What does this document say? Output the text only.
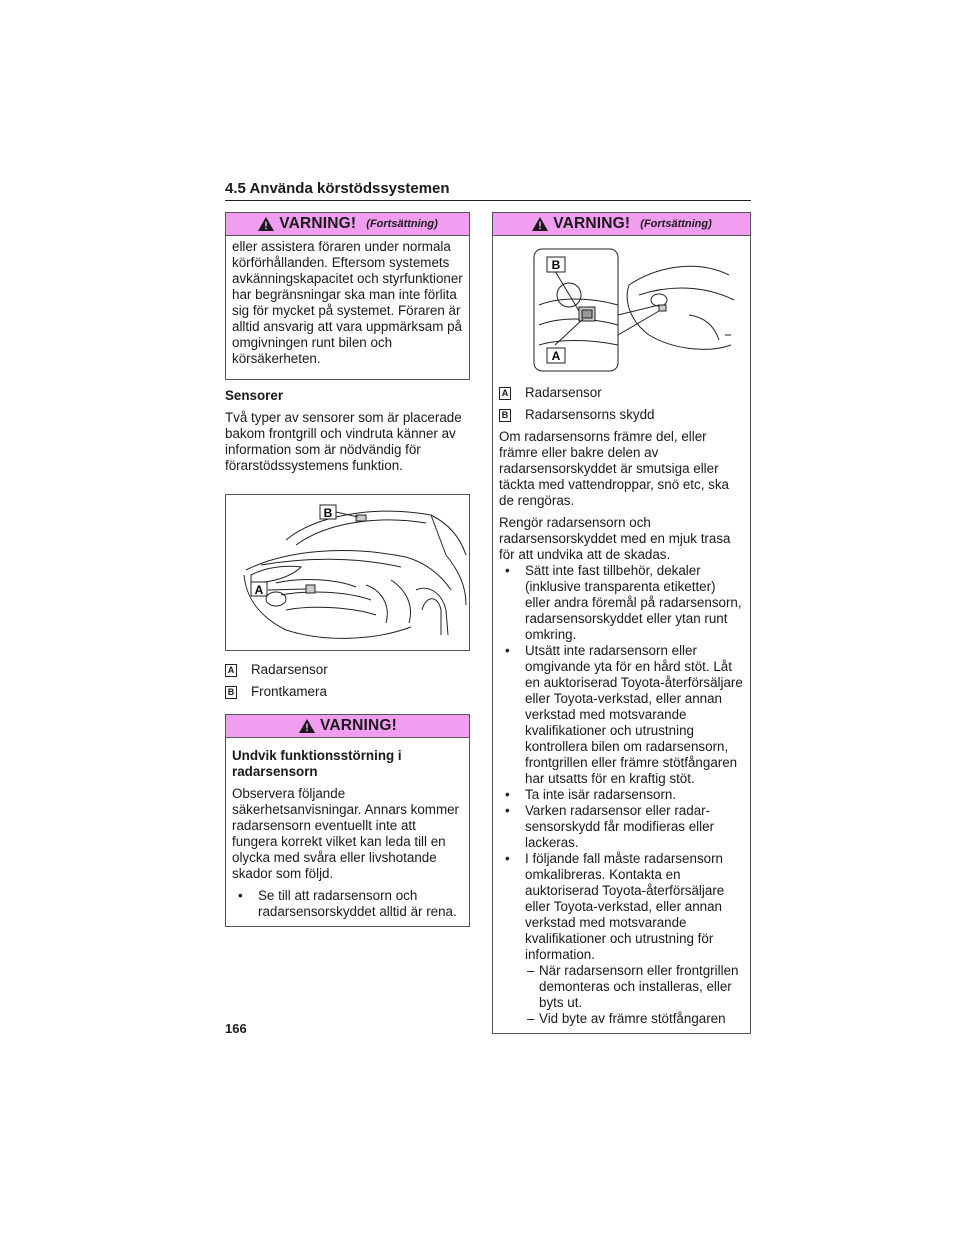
4.5 Använda körstödssystemen
VARNING! (Fortsättning)

eller assistera föraren under normala körförhållanden. Eftersom systemets avkänningskapacitet och styrfunktioner har begränsningar ska man inte förlita sig för mycket på systemet. Föraren är alltid ansvarig att vara uppmärksam på omgivningen runt bilen och körsäkerheten.

Sensorer

Två typer av sensorer som är placerade bakom frontgrill och vindruta känner av information som är nödvändig för förarstödssystemens funktion.

B
A
A Radarsensor
B Frontkamera
VARNING!

Undvik funktionsstörning i radarsensorn

Observera följande säkerhetsanvisningar. Annars kommer radarsensorn eventuellt inte att fungera korrekt vilket kan leda till en olycka med svåra eller livshotande skador som följd.

• Se till att radarsensorn och radarsensorskyddet alltid är rena.
VARNING! (Fortsättning)
B
A
A Radarsensor
B Radarsensorns skydd

Om radarsensorns främre del, eller främre eller bakre delen av radarsensorskyddet är smutsiga eller täckta med vattendroppar, snö etc, ska de rengöras.

Rengör radarsensorn och radarsensorskyddet med en mjuk trasa för att undvika att de skadas.

• Sätt inte fast tillbehör, dekaler (inklusive transparenta etiketter) eller andra föremål på radarsensorn, radarsensorskyddet eller ytan runt omkring.
• Utsätt inte radarsensorn eller omgivande yta för en hård stöt. Låt en auktoriserad Toyota-återförsäljare eller Toyota-verkstad, eller annan verkstad med motsvarande kvalifikationer och utrustning kontrollera bilen om radarsensorn, frontgrillen eller främre stötfångaren har utsatts för en kraftig stöt.
• Ta inte isär radarsensorn.
• Varken radarsensor eller radar-sensorskydd får modifieras eller lackeras.
• I följande fall måste radarsensorn omkalibreras. Kontakta en auktoriserad Toyota-återförsäljare eller Toyota-verkstad, eller annan verkstad med motsvarande kvalifikationer och utrustning för information.
– När radarsensorn eller frontgrillen demonteras och installeras, eller byts ut.
– Vid byte av främre stötfångaren
166
